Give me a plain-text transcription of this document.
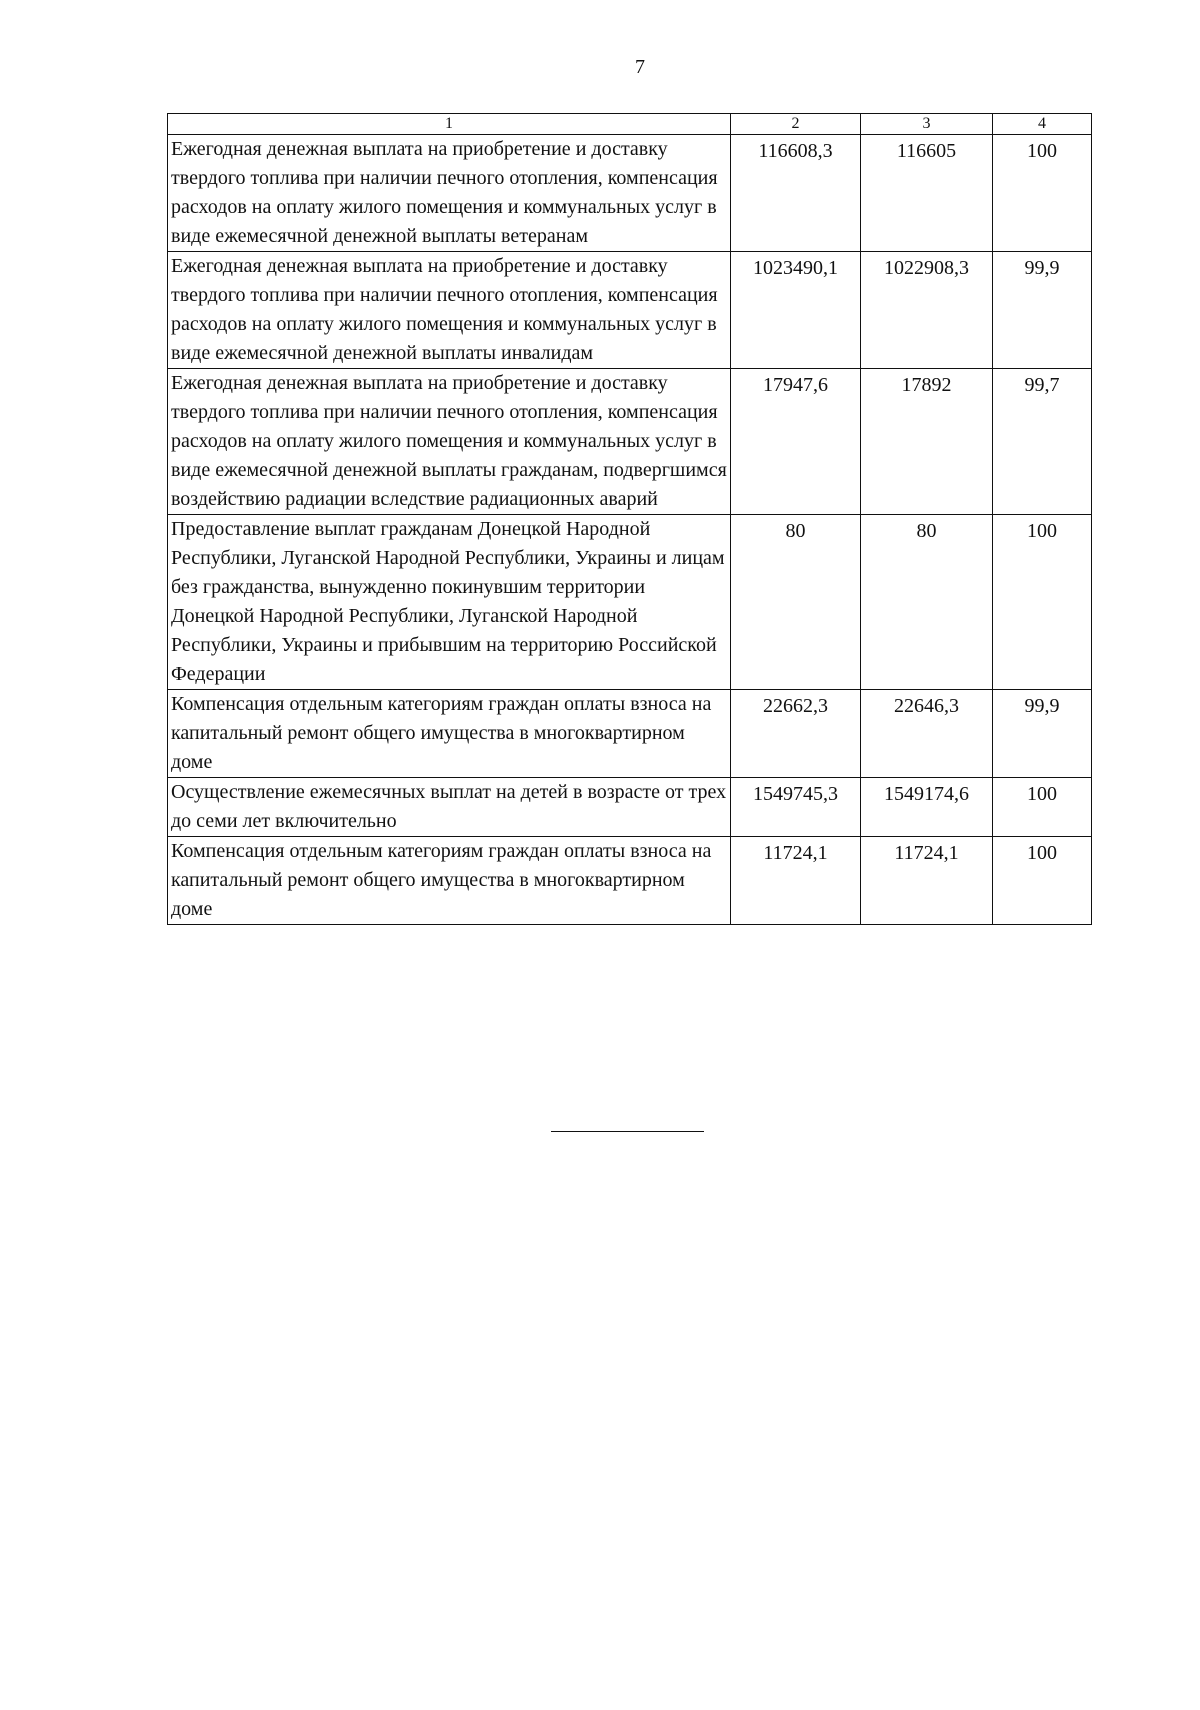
7
1	2	3	4
Ежегодная денежная выплата на приобретение и доставку твердого топлива при наличии печного отопления, компенсация расходов на оплату жилого помещения и коммунальных услуг в виде ежемесячной денежной выплаты ветеранам	116608,3	116605	100
Ежегодная денежная выплата на приобретение и доставку твердого топлива при наличии печного отопления, компенсация расходов на оплату жилого помещения и коммунальных услуг в виде ежемесячной денежной выплаты инвалидам	1023490,1	1022908,3	99,9
Ежегодная денежная выплата на приобретение и доставку твердого топлива при наличии печного отопления, компенсация расходов на оплату жилого помещения и коммунальных услуг в виде ежемесячной денежной выплаты гражданам, подвергшимся воздействию радиации вследствие радиационных аварий	17947,6	17892	99,7
Предоставление выплат гражданам Донецкой Народной Республики, Луганской Народной Республики, Украины и лицам без гражданства, вынужденно покинувшим территории Донецкой Народной Республики, Луганской Народной Республики, Украины и прибывшим на территорию Российской Федерации	80	80	100
Компенсация отдельным категориям граждан оплаты взноса на капитальный ремонт общего имущества в многоквартирном доме	22662,3	22646,3	99,9
Осуществление ежемесячных выплат на детей в возрасте от трех до семи лет включительно	1549745,3	1549174,6	100
Компенсация отдельным категориям граждан оплаты взноса на капитальный ремонт общего имущества в многоквартирном доме	11724,1	11724,1	100
